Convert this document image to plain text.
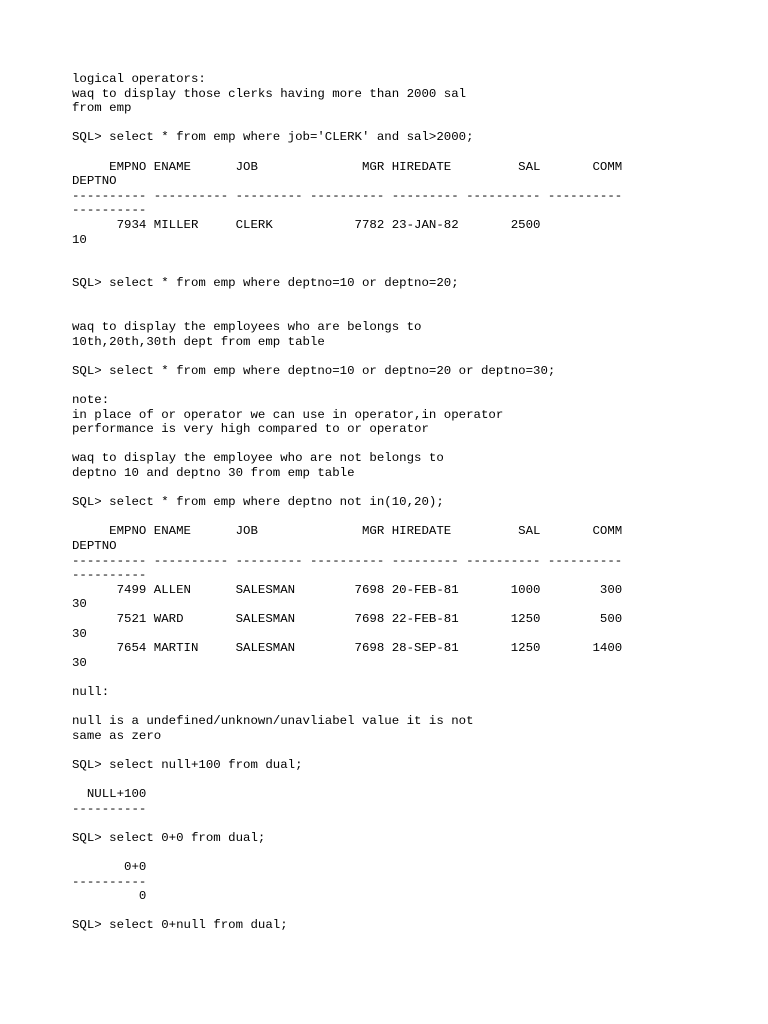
logical operators:
waq to display those clerks having more than 2000 sal
from emp
SQL> select * from emp where job='CLERK' and sal>2000;
EMPNO ENAME      JOB              MGR HIREDATE         SAL       COMM
DEPTNO
---------- ---------- --------- ---------- --------- ---------- ----------
----------
7934 MILLER     CLERK           7782 23-JAN-82       2500
10
SQL> select * from emp where deptno=10 or deptno=20;
waq to display the employees who are belongs to
10th,20th,30th dept from emp table
SQL> select * from emp where deptno=10 or deptno=20 or deptno=30;
note:
in place of or operator we can use in operator,in operator
performance is very high compared to or operator
waq to display the employee who are not belongs to
deptno 10 and deptno 30 from emp table
SQL> select * from emp where deptno not in(10,20);
EMPNO ENAME      JOB              MGR HIREDATE         SAL       COMM
DEPTNO
---------- ---------- --------- ---------- --------- ---------- ----------
----------
7499 ALLEN      SALESMAN        7698 20-FEB-81       1000        300
30
7521 WARD       SALESMAN        7698 22-FEB-81       1250        500
30
7654 MARTIN     SALESMAN        7698 28-SEP-81       1250       1400
30
null:
null is a undefined/unknown/unavliabel value it is not
same as zero
SQL> select null+100 from dual;
NULL+100
----------
SQL> select 0+0 from dual;
0+0
----------
0
SQL> select 0+null from dual;
